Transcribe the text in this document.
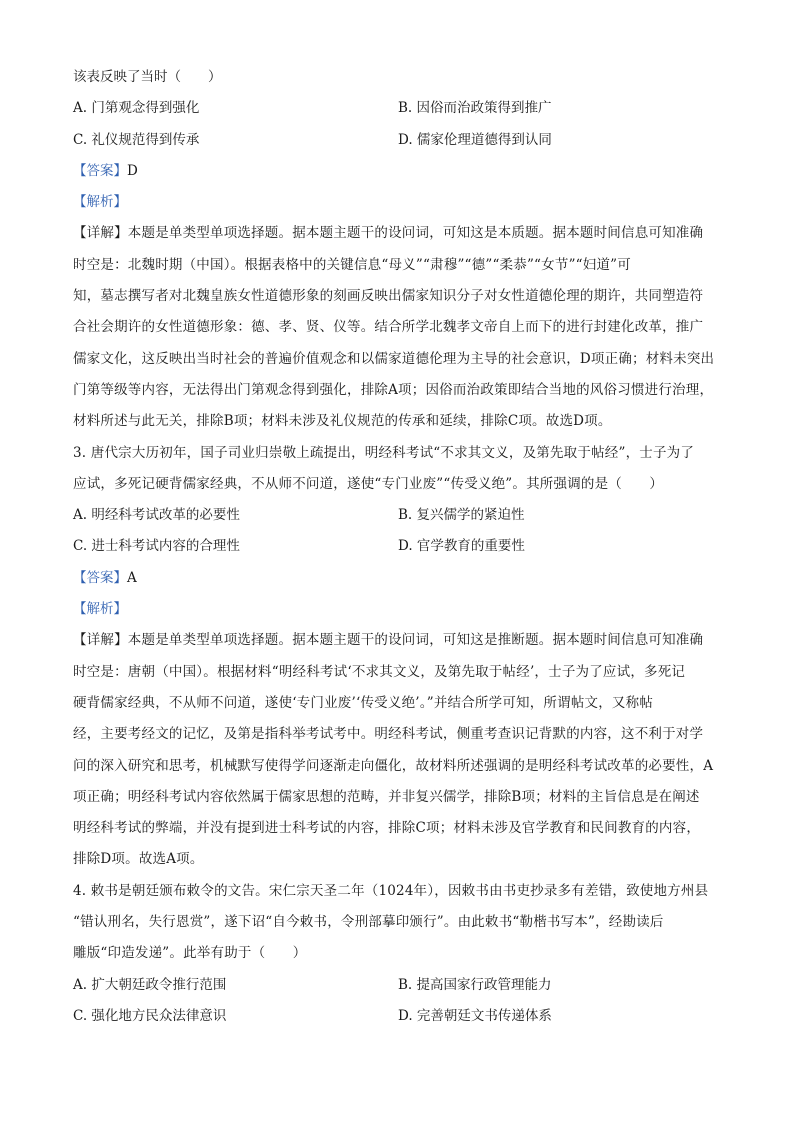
该表反映了当时（　　）
A. 门第观念得到强化	B. 因俗而治政策得到推广
C. 礼仪规范得到传承	D. 儒家伦理道德得到认同
【答案】D
【解析】
【详解】本题是单类型单项选择题。据本题主题干的设问词，可知这是本质题。据本题时间信息可知准确
时空是：北魏时期（中国）。根据表格中的关键信息“母义”“肃穆”“德”“柔恭”“女节”“妇道”可
知，墓志撰写者对北魏皇族女性道德形象的刻画反映出儒家知识分子对女性道德伦理的期许，共同塑造符
合社会期许的女性道德形象：德、孝、贤、仪等。结合所学北魏孝文帝自上而下的进行封建化改革，推广
儒家文化，这反映出当时社会的普遍价值观念和以儒家道德伦理为主导的社会意识，D项正确；材料未突出
门第等级等内容，无法得出门第观念得到强化，排除A项；因俗而治政策即结合当地的风俗习惯进行治理，
材料所述与此无关，排除B项；材料未涉及礼仪规范的传承和延续，排除C项。故选D项。
3. 唐代宗大历初年，国子司业归崇敬上疏提出，明经科考试“不求其文义，及第先取于帖经”，士子为了
应试，多死记硬背儒家经典，不从师不问道，遂使“专门业废”“传受义绝”。其所强调的是（　　）
A. 明经科考试改革的必要性	B. 复兴儒学的紧迫性
C. 进士科考试内容的合理性	D. 官学教育的重要性
【答案】A
【解析】
【详解】本题是单类型单项选择题。据本题主题干的设问词，可知这是推断题。据本题时间信息可知准确
时空是：唐朝（中国）。根据材料“明经科考试‘不求其文义，及第先取于帖经’，士子为了应试，多死记
硬背儒家经典，不从师不问道，遂使‘专门业废’‘传受义绝’。”并结合所学可知，所谓帖文，又称帖
经，主要考经文的记忆，及第是指科举考试考中。明经科考试，侧重考查识记背默的内容，这不利于对学
问的深入研究和思考，机械默写使得学问逐渐走向僵化，故材料所述强调的是明经科考试改革的必要性，A
项正确；明经科考试内容依然属于儒家思想的范畴，并非复兴儒学，排除B项；材料的主旨信息是在阐述
明经科考试的弊端，并没有提到进士科考试的内容，排除C项；材料未涉及官学教育和民间教育的内容，
排除D项。故选A项。
4. 敕书是朝廷颁布敕令的文告。宋仁宗天圣二年（1024年），因敕书由书吏抄录多有差错，致使地方州县
“错认刑名，失行恩赏”，遂下诏“自今敕书，令刑部摹印颁行”。由此敕书“勒楷书写本”，经勘读后
雕版“印造发递”。此举有助于（　　）
A. 扩大朝廷政令推行范围	B. 提高国家行政管理能力
C. 强化地方民众法律意识	D. 完善朝廷文书传递体系
